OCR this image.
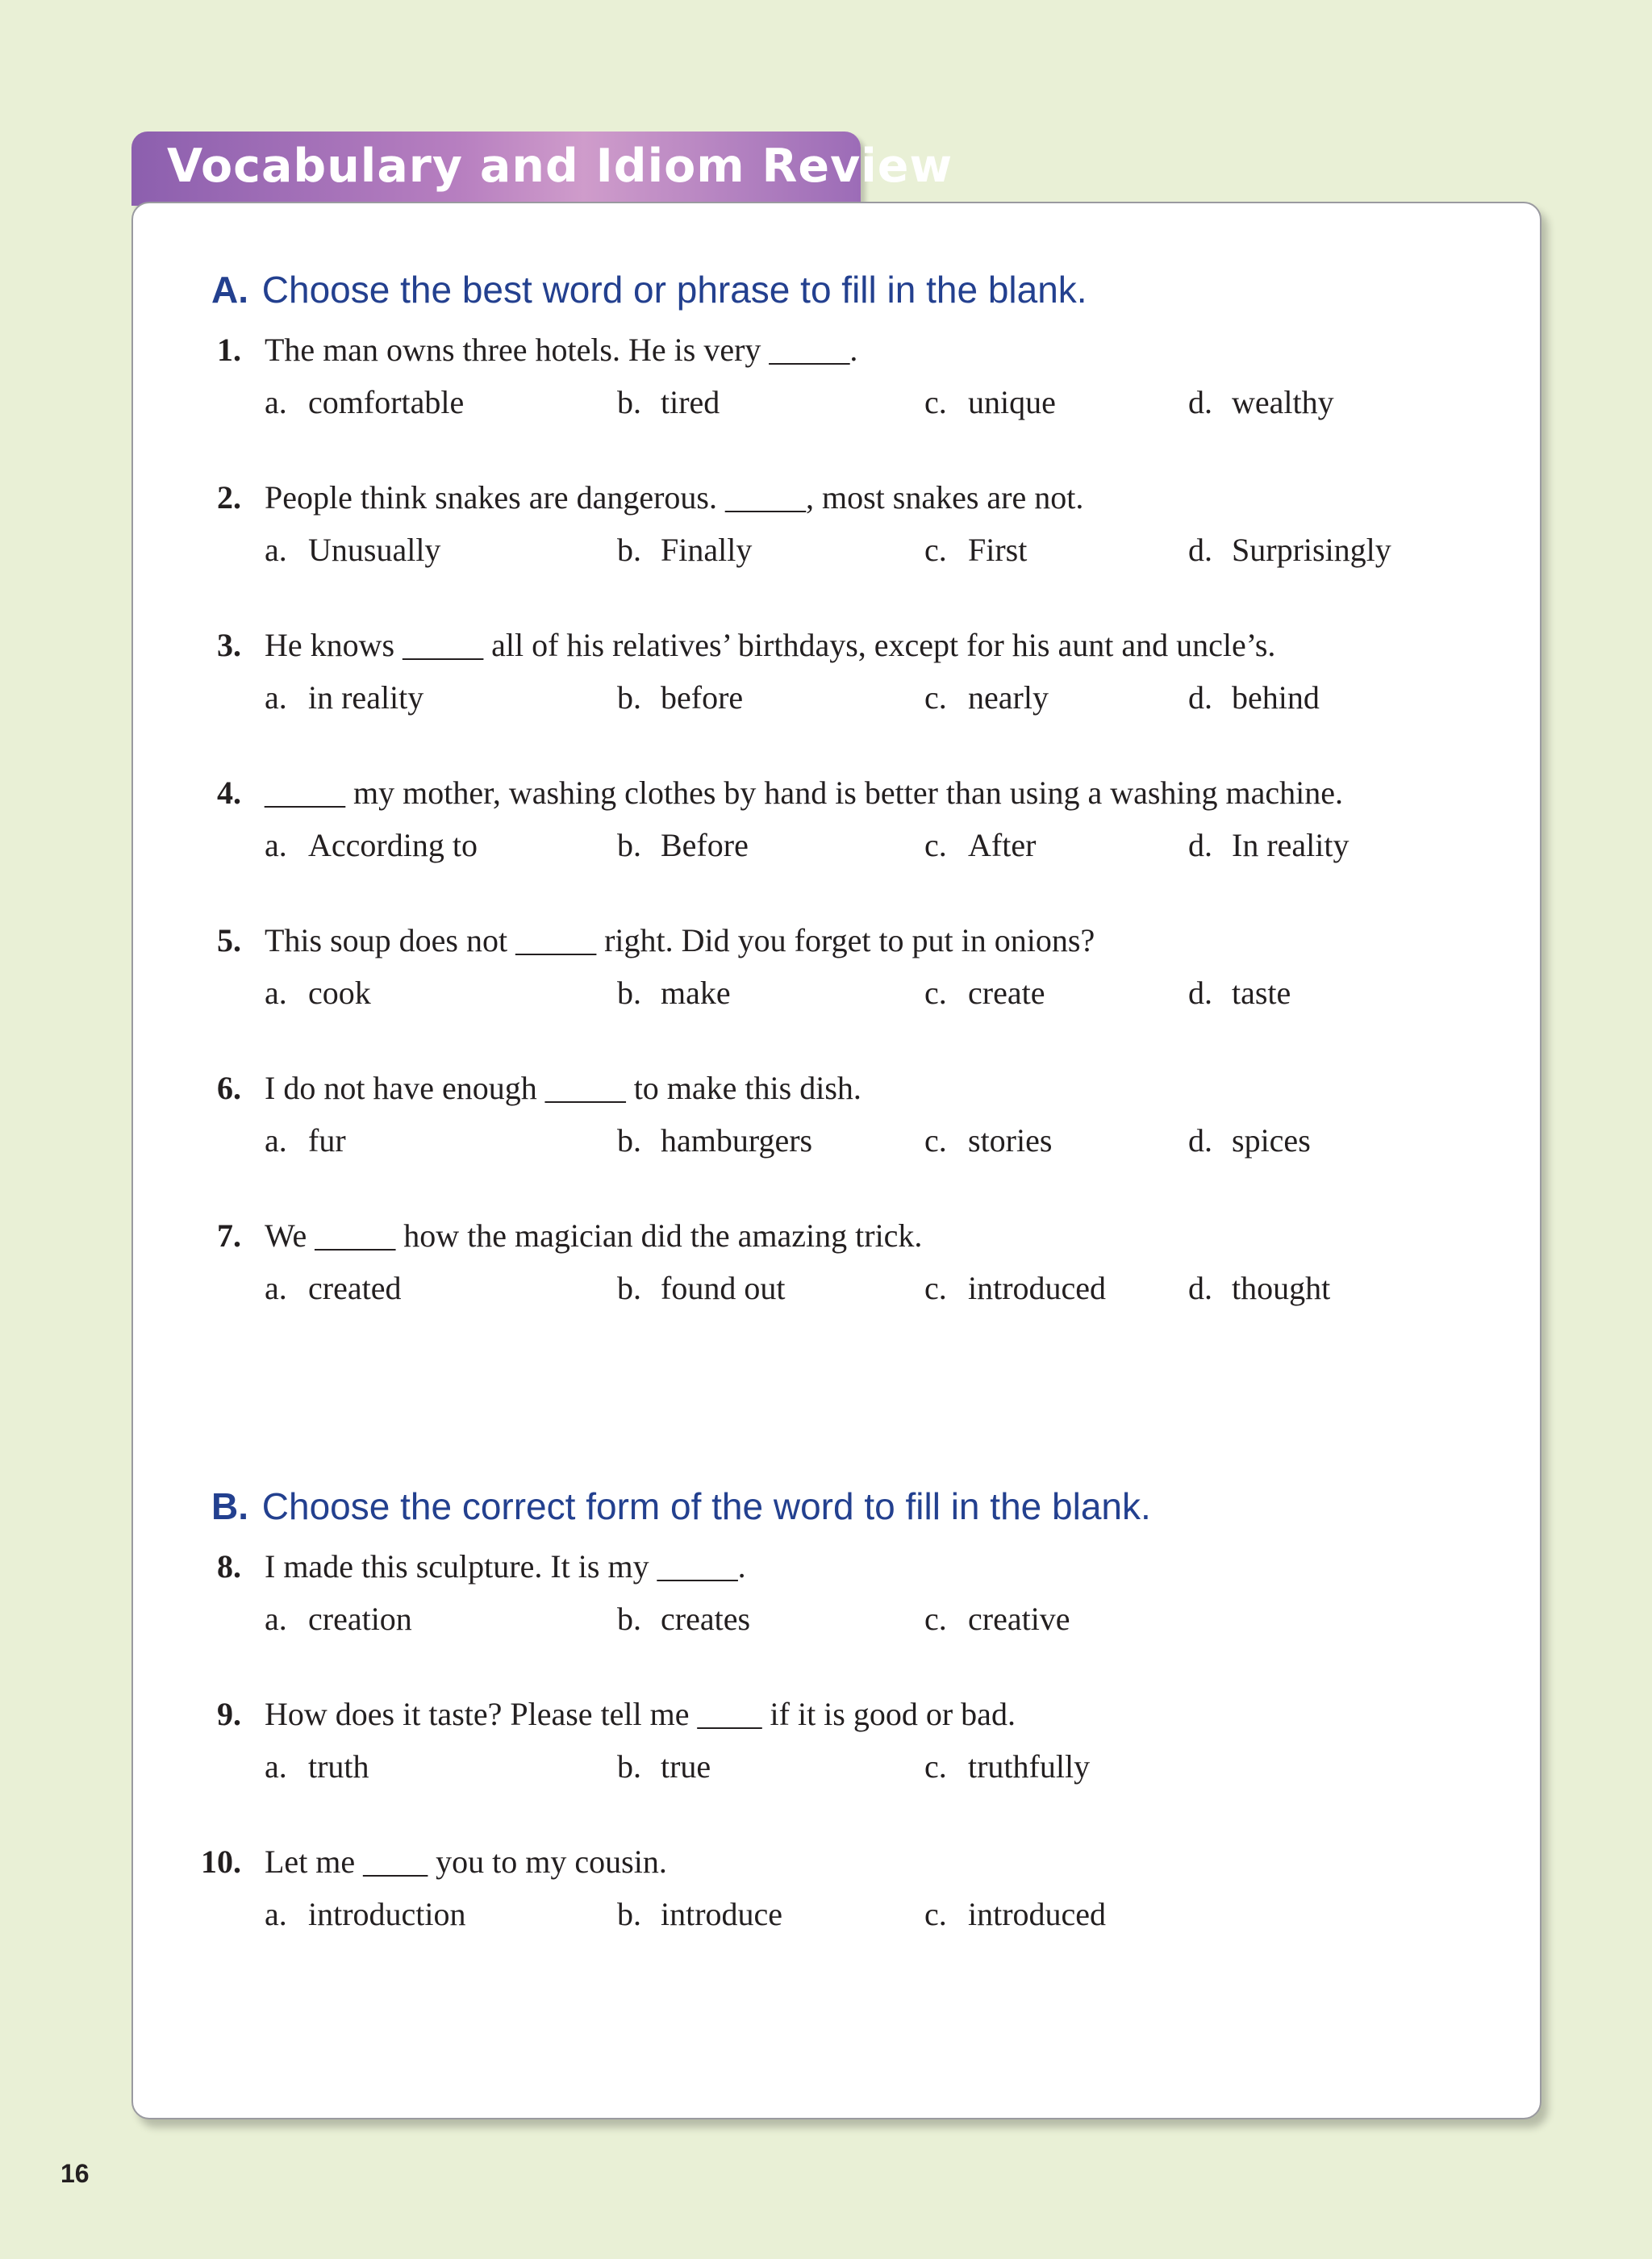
Vocabulary and Idiom Review
A. Choose the best word or phrase to fill in the blank.
1. The man owns three hotels. He is very _____.
a. comfortable	b. tired	c. unique	d. wealthy
2. People think snakes are dangerous. _____, most snakes are not.
a. Unusually	b. Finally	c. First	d. Surprisingly
3. He knows _____ all of his relatives’ birthdays, except for his aunt and uncle’s.
a. in reality	b. before	c. nearly	d. behind
4. _____ my mother, washing clothes by hand is better than using a washing machine.
a. According to	b. Before	c. After	d. In reality
5. This soup does not _____ right. Did you forget to put in onions?
a. cook	b. make	c. create	d. taste
6. I do not have enough _____ to make this dish.
a. fur	b. hamburgers	c. stories	d. spices
7. We _____ how the magician did the amazing trick.
a. created	b. found out	c. introduced	d. thought
B. Choose the correct form of the word to fill in the blank.
8. I made this sculpture. It is my _____.
a. creation	b. creates	c. creative
9. How does it taste? Please tell me ____ if it is good or bad.
a. truth	b. true	c. truthfully
10. Let me ____ you to my cousin.
a. introduction	b. introduce	c. introduced
16
